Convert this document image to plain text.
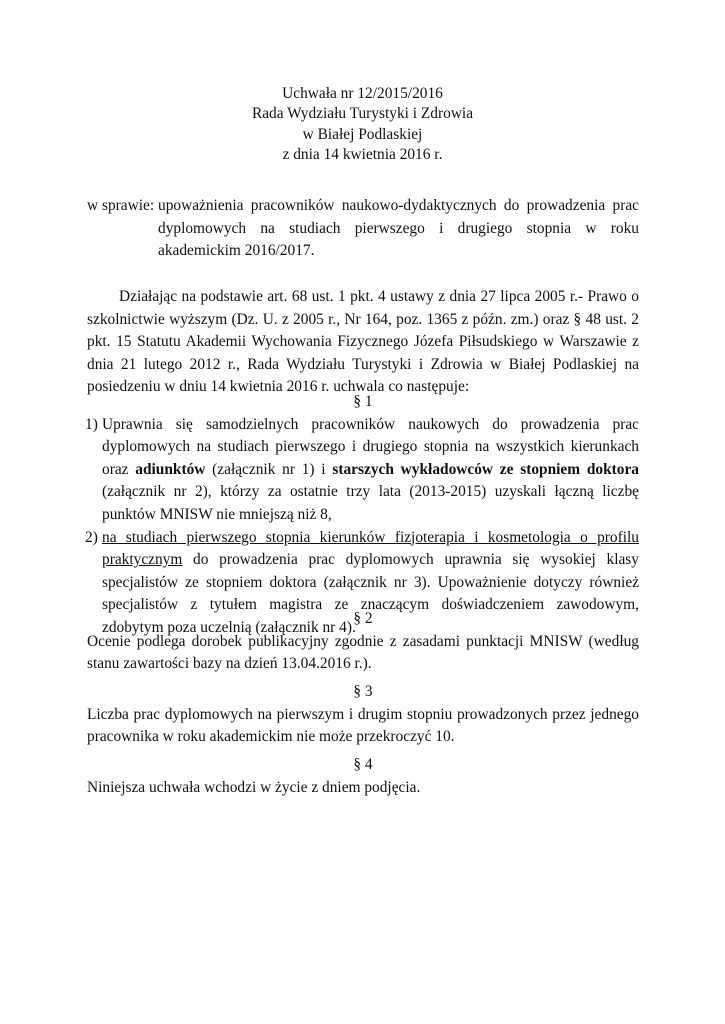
Uchwała nr 12/2015/2016
Rada Wydziału Turystyki i Zdrowia
w Białej Podlaskiej
z dnia 14 kwietnia 2016 r.
w sprawie: upoważnienia pracowników naukowo-dydaktycznych do prowadzenia prac dyplomowych na studiach pierwszego i drugiego stopnia w roku akademickim 2016/2017.

Działając na podstawie art. 68 ust. 1 pkt. 4 ustawy z dnia 27 lipca 2005 r.- Prawo o szkolnictwie wyższym (Dz. U. z 2005 r., Nr 164, poz. 1365 z późn. zm.) oraz § 48 ust. 2 pkt. 15 Statutu Akademii Wychowania Fizycznego Józefa Piłsudskiego w Warszawie z dnia 21 lutego 2012 r., Rada Wydziału Turystyki i Zdrowia w Białej Podlaskiej na posiedzeniu w dniu 14 kwietnia 2016 r. uchwala co następuje:

§ 1
1) Uprawnia się samodzielnych pracowników naukowych do prowadzenia prac dyplomowych na studiach pierwszego i drugiego stopnia na wszystkich kierunkach oraz adiunktów (załącznik nr 1) i starszych wykładowców ze stopniem doktora (załącznik nr 2), którzy za ostatnie trzy lata (2013-2015) uzyskali łączną liczbę punktów MNISW nie mniejszą niż 8,
2) na studiach pierwszego stopnia kierunków fizjoterapia i kosmetologia o profilu praktycznym do prowadzenia prac dyplomowych uprawnia się wysokiej klasy specjalistów ze stopniem doktora (załącznik nr 3). Upoważnienie dotyczy również specjalistów z tytułem magistra ze znaczącym doświadczeniem zawodowym, zdobytym poza uczelnią (załącznik nr 4).
§ 2

Ocenie podlega dorobek publikacyjny zgodnie z zasadami punktacji MNISW (według stanu zawartości bazy na dzień 13.04.2016 r.).

§ 3

Liczba prac dyplomowych na pierwszym i drugim stopniu prowadzonych przez jednego pracownika w roku akademickim nie może przekroczyć 10.

§ 4

Niniejsza uchwała wchodzi w życie z dniem podjęcia.
